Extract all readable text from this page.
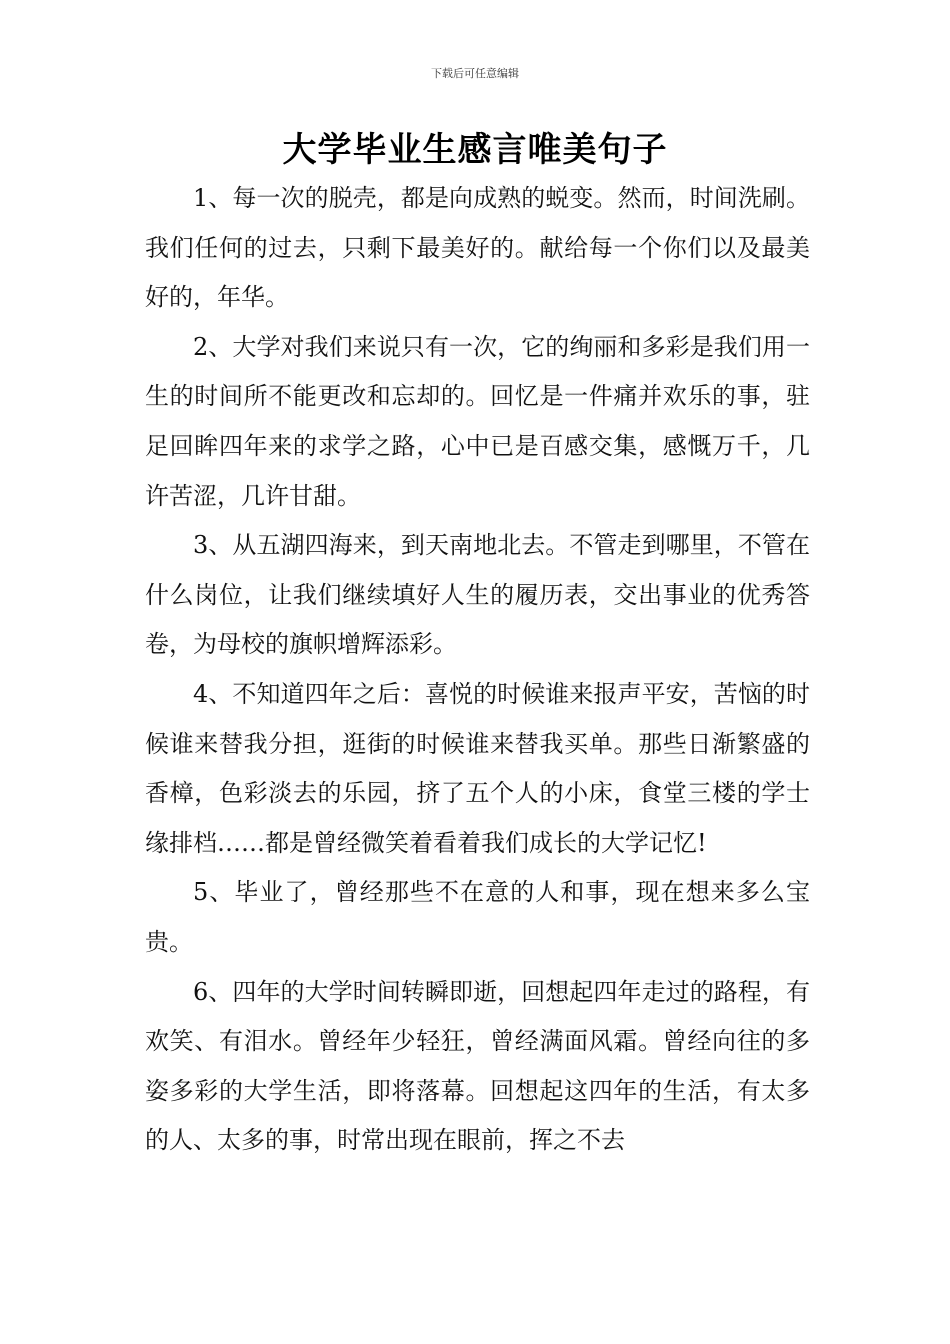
下载后可任意编辑
大学毕业生感言唯美句子

1、每一次的脱壳，都是向成熟的蜕变。然而，时间洗刷。我们任何的过去，只剩下最美好的。献给每一个你们以及最美好的，年华。

2、大学对我们来说只有一次，它的绚丽和多彩是我们用一生的时间所不能更改和忘却的。回忆是一件痛并欢乐的事，驻足回眸四年来的求学之路，心中已是百感交集，感慨万千，几许苦涩，几许甘甜。

3、从五湖四海来，到天南地北去。不管走到哪里，不管在什么岗位，让我们继续填好人生的履历表，交出事业的优秀答卷，为母校的旗帜增辉添彩。

4、不知道四年之后：喜悦的时候谁来报声平安，苦恼的时候谁来替我分担，逛街的时候谁来替我买单。那些日渐繁盛的香樟，色彩淡去的乐园，挤了五个人的小床，食堂三楼的学士缘排档……都是曾经微笑着看着我们成长的大学记忆!

5、毕业了，曾经那些不在意的人和事，现在想来多么宝贵。

6、四年的大学时间转瞬即逝，回想起四年走过的路程，有欢笑、有泪水。曾经年少轻狂，曾经满面风霜。曾经向往的多姿多彩的大学生活，即将落幕。回想起这四年的生活，有太多的人、太多的事，时常出现在眼前，挥之不去
